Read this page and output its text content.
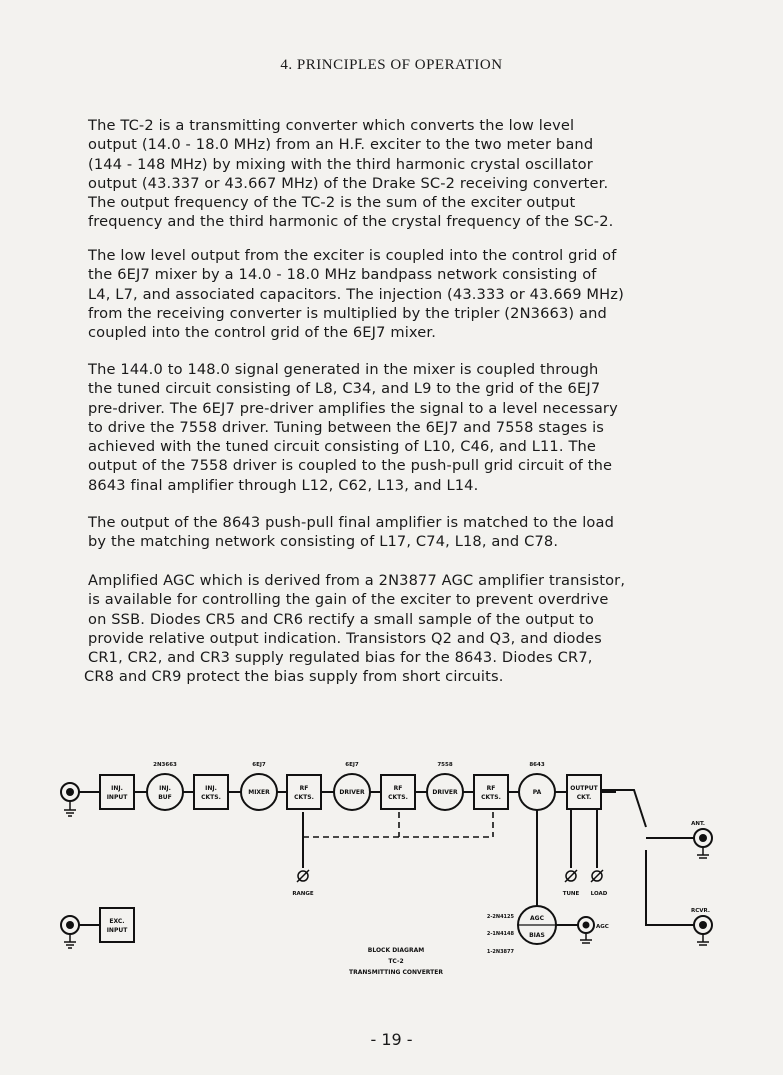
4. PRINCIPLES OF OPERATION
The TC-2 is a transmitting converter which converts the low level
output (14.0 - 18.0 MHz) from an H.F. exciter to the two meter band
(144 - 148 MHz) by mixing with the third harmonic crystal oscillator
output (43.337 or 43.667 MHz) of the Drake SC-2 receiving converter.
The output frequency of the TC-2 is the sum of the exciter output
frequency and the third harmonic of the crystal frequency of the SC-2.
The low level output from the exciter is coupled into the control grid of
the 6EJ7 mixer by a 14.0 - 18.0 MHz bandpass network consisting of
L4, L7, and associated capacitors. The injection (43.333 or 43.669 MHz)
from the receiving converter is multiplied by the tripler (2N3663) and
coupled into the control grid of the 6EJ7 mixer.
The 144.0 to 148.0 signal generated in the mixer is coupled through
the tuned circuit consisting of L8, C34, and L9 to the grid of the 6EJ7
pre-driver. The 6EJ7 pre-driver amplifies the signal to a level necessary
to drive the 7558 driver. Tuning between the 6EJ7 and 7558 stages is
achieved with the tuned circuit consisting of L10, C46, and L11. The
output of the 7558 driver is coupled to the push-pull grid circuit of the
8643 final amplifier through L12, C62, L13, and L14.
The output of the 8643 push-pull final amplifier is matched to the load
by the matching network consisting of L17, C74, L18, and C78.
Amplified AGC which is derived from a 2N3877 AGC amplifier transistor,
is available for controlling the gain of the exciter to prevent overdrive
on SSB. Diodes CR5 and CR6 rectify a small sample of the output to
provide relative output indication. Transistors Q2 and Q3, and diodes
CR1, CR2, and CR3 supply regulated bias for the 8643. Diodes CR7,
CR8 and CR9 protect the bias supply from short circuits.
2N3663	6EJ7	6EJ7	7558	8643
INJ.
INPUT
INJ.
BUF
INJ.
CKTS.
MIXER
RF
CKTS.
DRIVER
RF
CKTS.
DRIVER
RF
CKTS.
PA
OUTPUT
CKT.
EXC.
INPUT
AGC
BIAS
RANGE	TUNE LOAD
ANT.
RCVR.
AGC
2-2N4125
2-1N4148
1-2N3877
BLOCK DIAGRAM
TC-2
TRANSMITTING CONVERTER
- 19 -
